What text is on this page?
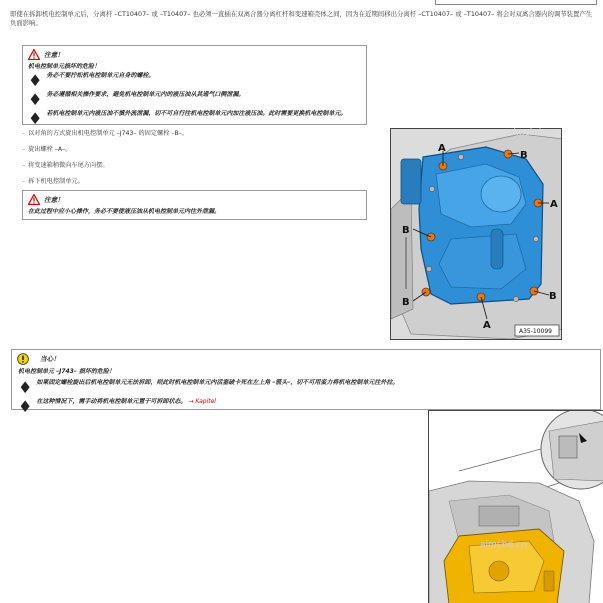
即使在拆卸机电控制单元后，分离杆 –CT10407– 或 –T10407– 也必须一直插在双离合器分离杠杆和变速箱壳体之间，因为在近期间移出分离杆 –CT10407– 或 –T10407– 将会对双离合器内的调节装置产生负面影响。
注意！

机电控制单元损坏的危险！

♦ 务必不要拧松机电控制单元自身的螺栓。

♦ 务必遵循相关操作要求，避免机电控制单元内的液压油从其通气口侧泄漏。

♦ 若机电控制单元内液压油不慎外流泄漏，切不可自行往机电控制单元内加注液压油。此时需要更换机电控制单元。

– 以对角的方式旋出机电控制单元 –J743– 的固定螺栓 –B–。
– 旋出螺栓 –A–。
– 将变速箱稍微向车尾方向摆。
– 拆下机电控制单元。
注意！

在此过程中应小心操作，务必不要使液压油从机电控制单元内往外泄漏。

A
B
A
B
B
B
A
A35-10099
当心！

机电控制单元 –J743– 损坏的危险！

♦ 如果固定螺栓旋出后机电控制单元无法拆卸，则此时机电控制单元内活塞破卡死在左上角 –箭头–，切不可用蛮力将机电控制单元往外拉。

♦ 在这种情况下，需手动将机电控制单元置于可拆卸状态。 → Kapitel

aimcbd.cn
aimcbd.cn
